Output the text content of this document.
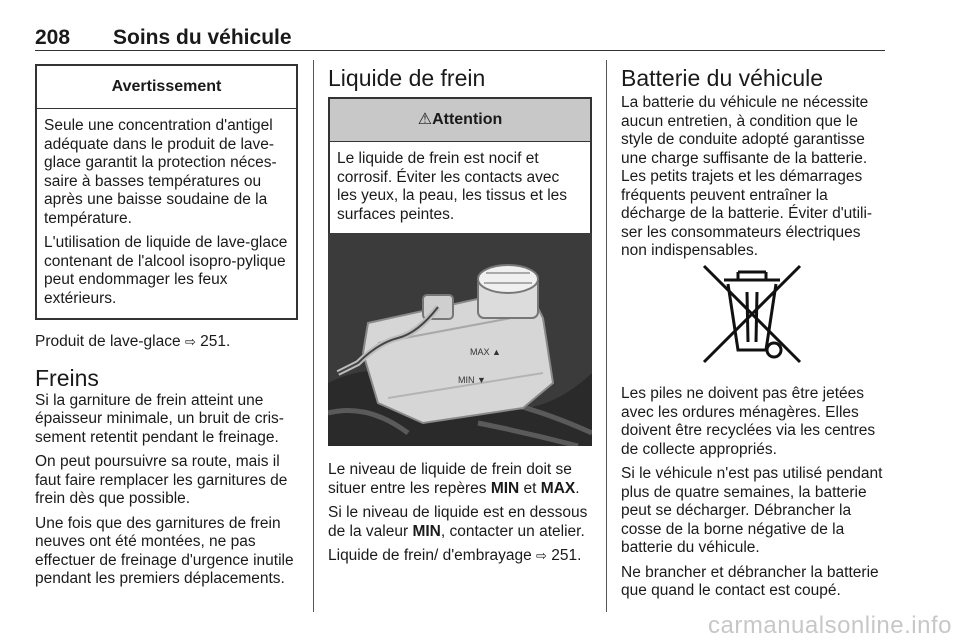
208 Soins du véhicule
Avertissement

Seule une concentration d'antigel adéquate dans le produit de lave-glace garantit la protection néces-saire à basses températures ou après une baisse soudaine de la température.

L'utilisation de liquide de lave-glace contenant de l'alcool isopro-pylique peut endommager les feux extérieurs.

Produit de lave-glace ⇨ 251.

Freins

Si la garniture de frein atteint une épaisseur minimale, un bruit de cris-sement retentit pendant le freinage.

On peut poursuivre sa route, mais il faut faire remplacer les garnitures de frein dès que possible.

Une fois que des garnitures de frein neuves ont été montées, ne pas effectuer de freinage d'urgence inutile pendant les premiers déplacements.

Liquide de frein
⚠Attention

Le liquide de frein est nocif et corrosif. Éviter les contacts avec les yeux, la peau, les tissus et les surfaces peintes.

MAX ▲
MIN ▼

Le niveau de liquide de frein doit se situer entre les repères MIN et MAX.

Si le niveau de liquide est en dessous de la valeur MIN, contacter un atelier.

Liquide de frein/ d'embrayage ⇨ 251.

Batterie du véhicule

La batterie du véhicule ne nécessite aucun entretien, à condition que le style de conduite adopté garantisse une charge suffisante de la batterie. Les petits trajets et les démarrages fréquents peuvent entraîner la décharge de la batterie. Éviter d'utili-ser les consommateurs électriques non indispensables.

Les piles ne doivent pas être jetées avec les ordures ménagères. Elles doivent être recyclées via les centres de collecte appropriés.

Si le véhicule n'est pas utilisé pendant plus de quatre semaines, la batterie peut se décharger. Débrancher la cosse de la borne négative de la batterie du véhicule.

Ne brancher et débrancher la batterie que quand le contact est coupé.

carmanualsonline.info
